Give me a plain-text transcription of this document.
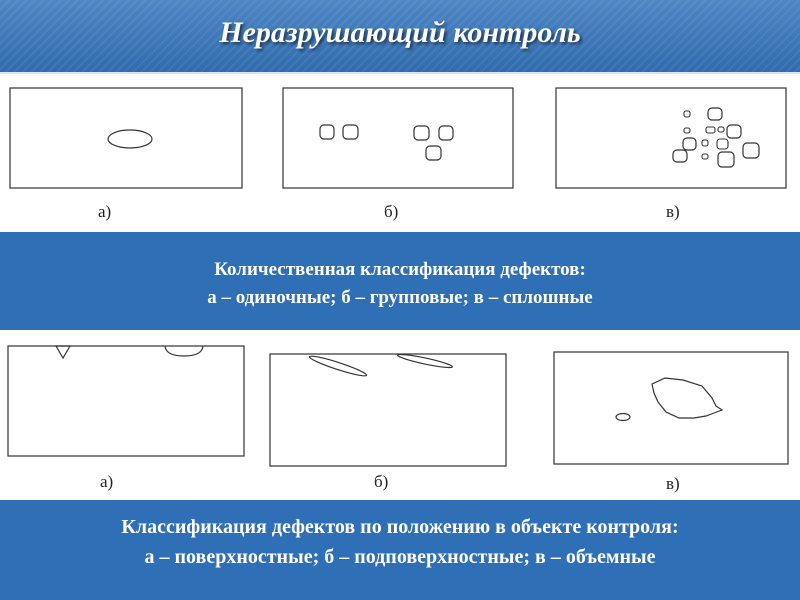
Неразрушающий контроль
а)	б)	в)
Количественная классификация дефектов:
а – одиночные; б – групповые; в – сплошные
а)	б)	в)
Классификация дефектов по положению в объекте контроля:
а – поверхностные; б – подповерхностные; в – объемные
